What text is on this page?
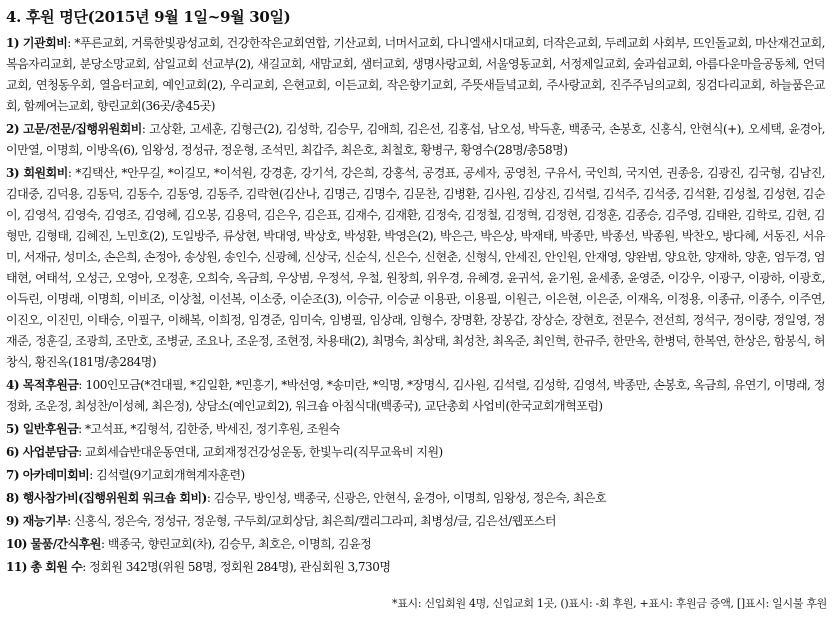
4. 후원 명단(2015년 9월 1일~9월 30일)
1) 기관회비: *푸른교회, 거룩한빛광성교회, 건강한작은교회연합, 기산교회, 너머서교회, 다니엘새시대교회, 더작은교회, 두레교회 사회부, 뜨인돌교회, 마산재건교회, 복음자리교회, 분당소망교회, 삼일교회 선교부(2), 새길교회, 새맘교회, 샘터교회, 생명사랑교회, 서울영동교회, 서정제일교회, 숲과쉼교회, 아름다운마을공동체, 언덕교회, 연청동우회, 열음터교회, 예인교회(2), 우리교회, 은현교회, 이든교회, 작은향기교회, 주뜻새들녘교회, 주사랑교회, 진주주님의교회, 징검다리교회, 하늘품은교회, 함께여는교회, 향린교회(36곳/총45곳)
2) 고문/전문/집행위원회비: 고상환, 고세훈, 김형근(2), 김성학, 김승무, 김애희, 김은선, 김홍섭, 남오성, 박득훈, 백종국, 손봉호, 신홍식, 안현식(+), 오세택, 윤경아, 이만열, 이명희, 이방옥(6), 임왕성, 정성규, 정운형, 조석민, 최갑주, 최은호, 최철호, 황병구, 황영수(28명/총58명)
3) 회원회비: *김택산, *안무길, *이길모, *이석원, 강경훈, 강기석, 강은희, 강홍석, 공경표, 공세자, 공영천, 구유서, 국인희, 국지연, 권종응, 김광진, 김국형, 김남진, 김대중, 김덕용, 김동덕, 김동수, 김동영, 김동주, 김락현(김산나, 김명근, 김명수, 김문찬, 김병환, 김사원, 김상진, 김석렬, 김석주, 김석중, 김석환, 김성철, 김성현, 김순이, 김영석, 김영숙, 김영조, 김영혜, 김오봉, 김용덕, 김은우, 김은표, 김재수, 김재환, 김정숙, 김정철, 김정혁, 김정현, 김정훈, 김종승, 김주영, 김태완, 김학로, 김현, 김형만, 김형태, 김혜진, 노민호(2), 도일방주, 류상현, 박대영, 박상호, 박성환, 박영은(2), 박은근, 박은상, 박재태, 박종만, 박종선, 박종원, 박찬오, 방다혜, 서동진, 서유미, 서재규, 성미소, 손은희, 손정아, 송상원, 송인수, 신광혜, 신상국, 신순식, 신은수, 신현춘, 신형식, 안세진, 안인원, 안재영, 양완범, 양요한, 양재하, 양훈, 엄두경, 엄태현, 여태석, 오성근, 오영아, 오정훈, 오희숙, 옥금희, 우상범, 우정석, 우철, 원창희, 위우경, 유혜경, 윤귀석, 윤기원, 윤세종, 윤영준, 이강우, 이광구, 이광하, 이광호, 이득린, 이명래, 이명희, 이비조, 이상철, 이선복, 이소중, 이순조(3), 이승규, 이승균 이용판, 이용필, 이원근, 이은현, 이은준, 이재옥, 이정용, 이종규, 이종수, 이주연, 이진오, 이진민, 이태승, 이필구, 이해복, 이희정, 임경준, 임미숙, 임병필, 임상래, 임형수, 장명환, 장봉갑, 장상순, 장현호, 전문수, 전선희, 정석구, 정이량, 정일영, 정재준, 정훈길, 조광희, 조만호, 조병균, 조요나, 조운정, 조현정, 차용태(2), 최명숙, 최상태, 최성찬, 최옥준, 최인혁, 한규주, 한만옥, 한병덕, 한복연, 한상은, 함봉식, 허창식, 황진옥(181명/총284명)
4) 목적후원금: 100인모금(*견대필, *김일환, *민흥기, *박선영, *송미란, *익명, *장명식, 김사원, 김석렬, 김성학, 김영석, 박종만, 손봉호, 옥금희, 유연기, 이명래, 정정화, 조운정, 최성찬/이성혜, 최은정), 상담소(예인교회2), 워크숍 아침식대(백종국), 교단총회 사업비(한국교회개혁포럼)
5) 일반후원금: *고석표, *김형석, 김한중, 박세진, 정기후원, 조원숙
6) 사업분담금: 교회세습반대운동연대, 교회재정건강성운동, 한빛누리(직무교육비 지원)
7) 아카데미회비: 김석렬(9기교회개혁계자훈련)
8) 행사참가비(집행위원회 워크숍 회비): 김승무, 방인성, 백종국, 신광은, 안현식, 윤경아, 이명희, 임왕성, 정은숙, 최은호
9) 재능기부: 신홍식, 정은숙, 정성규, 정운형, 구두회/교회상담, 최은희/캘리그라피, 최병성/글, 김은선/웹포스터
10) 물품/간식후원: 백종국, 향린교회(차), 김승무, 최호은, 이명희, 김윤정
11) 총 회원 수: 정회원 342명(위원 58명, 정회원 284명), 관심회원 3,730명
*표시: 신입회원 4명, 신입교회 1곳, ()표시: -회 후원, +표시: 후원금 증액, []표시: 일시불 후원
